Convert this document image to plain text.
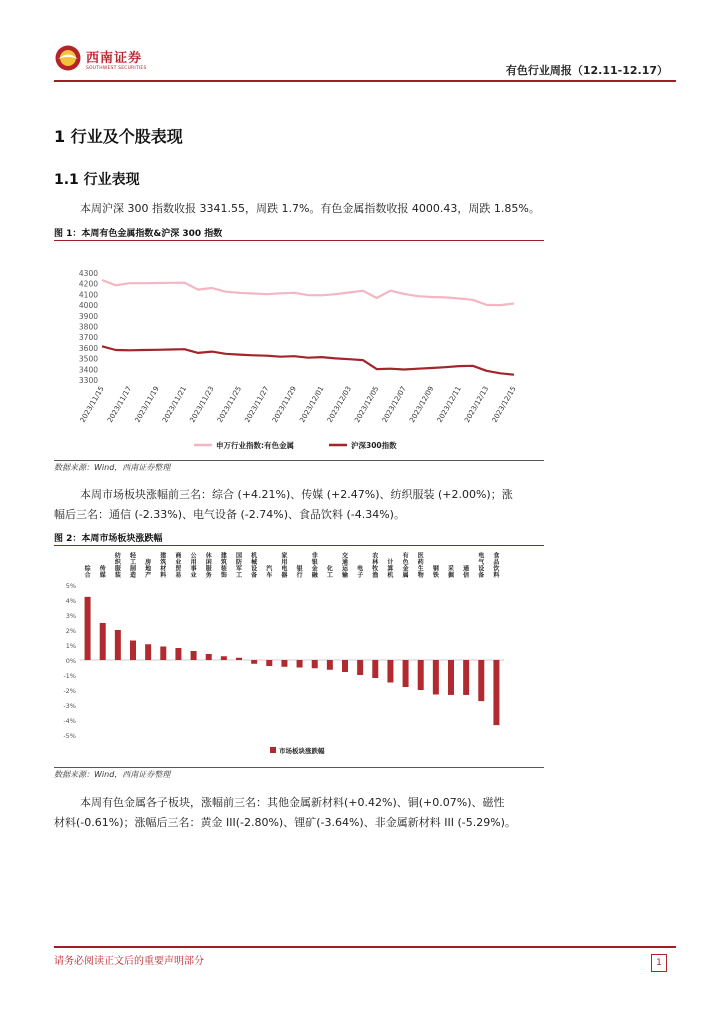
西南证券
SOUTHWEST SECURITIES	有色行业周报（12.11-12.17）
1 行业及个股表现
1.1 行业表现
本周沪深 300 指数收报 3341.55，周跌 1.7%。有色金属指数收报 4000.43，周跌 1.85%。
图 1：本周有色金属指数&沪深 300 指数
3300
3400
3500
3600
3700
3800
3900
4000
4100
4200
4300
2023/11/15 2023/11/17 2023/11/19 2023/11/21 2023/11/23 2023/11/25 2023/11/27 2023/11/29 2023/12/01 2023/12/03 2023/12/05 2023/12/07 2023/12/09 2023/12/11 2023/12/13 2023/12/15
申万行业指数:有色金属	沪深300指数
数据来源：Wind，西南证券整理
本周市场板块涨幅前三名：综合 (+4.21%)、传媒 (+2.47%)、纺织服装 (+2.00%)；涨
幅后三名：通信 (-2.33%)、电气设备 (-2.74%)、食品饮料 (-4.34%)。
图 2：本周市场板块涨跌幅
5%
4%
3%
2%
1%
0%
-1%
-2%
-3%
-4%
-5%
综合
传媒
纺织服装
轻工制造
房地产
建筑材料
商业贸易
公用事业
休闲服务
建筑装饰
国防军工
机械设备
汽车
家用电器
银行
非银金融
化工
交通运输
电子
农林牧渔
计算机
有色金属
医药生物
钢铁
采掘
通信
电气设备
食品饮料
市场板块涨跌幅
数据来源：Wind，西南证券整理
本周有色金属各子板块，涨幅前三名：其他金属新材料(+0.42%)、铜(+0.07%)、磁性
材料(-0.61%)；涨幅后三名：黄金 III(-2.80%)、锂矿(-3.64%)、非金属新材料 III (-5.29%)。
请务必阅读正文后的重要声明部分	1
